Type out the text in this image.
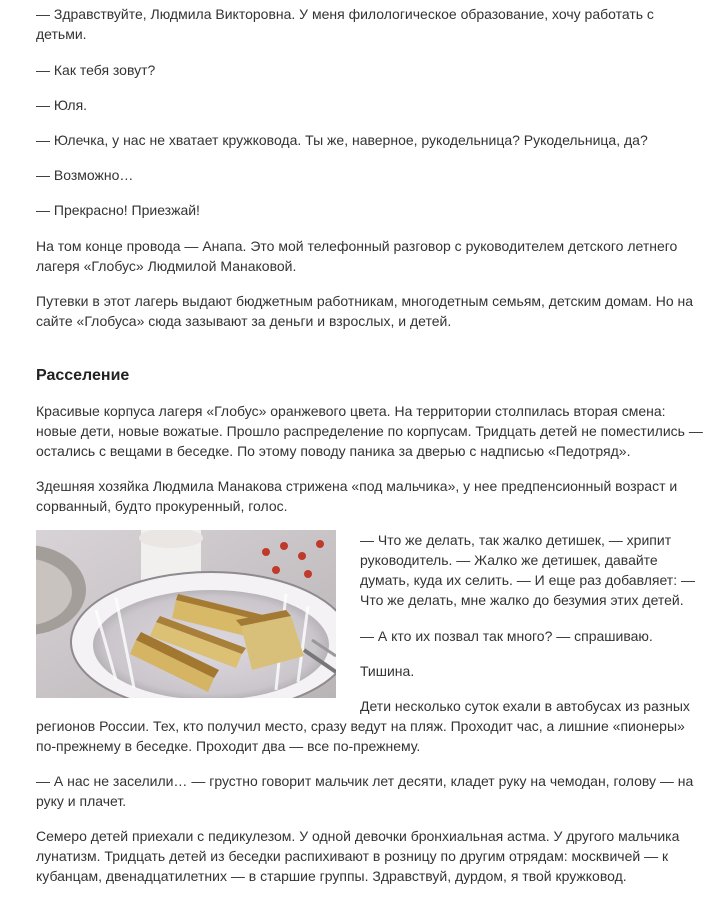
— Здравствуйте, Людмила Викторовна. У меня филологическое образование, хочу работать с детьми.

— Как тебя зовут?

— Юля.

— Юлечка, у нас не хватает кружковода. Ты же, наверное, рукодельница? Рукодельница, да?

— Возможно…

— Прекрасно! Приезжай!

На том конце провода — Анапа. Это мой телефонный разговор с руководителем детского летнего лагеря «Глобус» Людмилой Манаковой.

Путевки в этот лагерь выдают бюджетным работникам, многодетным семьям, детским домам. Но на сайте «Глобуса» сюда зазывают за деньги и взрослых, и детей.

Расселение

Красивые корпуса лагеря «Глобус» оранжевого цвета. На территории столпилась вторая смена: новые дети, новые вожатые. Прошло распределение по корпусам. Тридцать детей не поместились — остались с вещами в беседке. По этому поводу паника за дверью с надписью «Педотряд».

Здешняя хозяйка Людмила Манакова стрижена «под мальчика», у нее предпенсионный возраст и сорванный, будто прокуренный, голос.

— Что же делать, так жалко детишек, — хрипит руководитель. — Жалко же детишек, давайте думать, куда их селить. — И еще раз добавляет: — Что же делать, мне жалко до безумия этих детей.

— А кто их позвал так много? — спрашиваю.

Тишина.

Дети несколько суток ехали в автобусах из разных

регионов России. Тех, кто получил место, сразу ведут на пляж. Проходит час, а лишние «пионеры» по-прежнему в беседке. Проходит два — все по-прежнему.

— А нас не заселили… — грустно говорит мальчик лет десяти, кладет руку на чемодан, голову — на руку и плачет.

Семеро детей приехали с педикулезом. У одной девочки бронхиальная астма. У другого мальчика лунатизм. Тридцать детей из беседки распихивают в розницу по другим отрядам: москвичей — к кубанцам, двенадцатилетних — в старшие группы. Здравствуй, дурдом, я твой кружковод.
